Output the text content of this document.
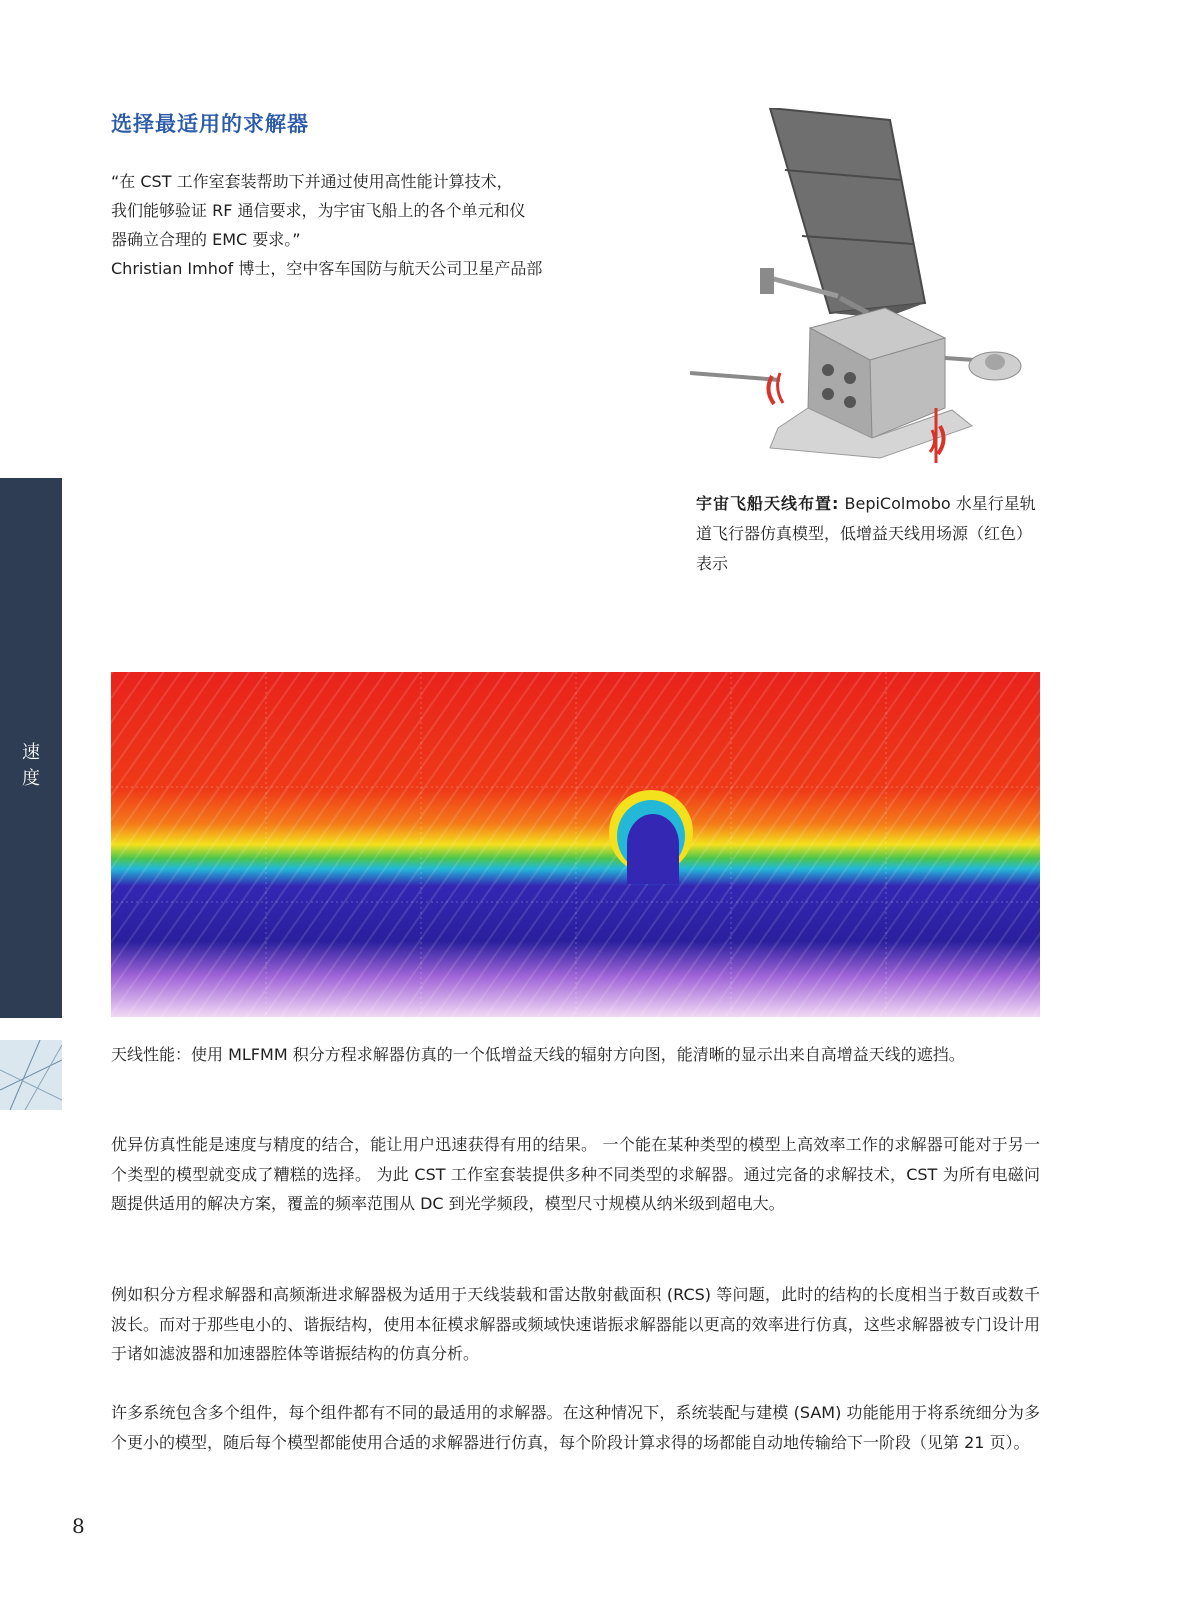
选择最适用的求解器

“在 CST 工作室套装帮助下并通过使用高性能计算技术，

我们能够验证 RF 通信要求，为宇宙飞船上的各个单元和仪

器确立合理的 EMC 要求。”

Christian Imhof 博士，空中客车国防与航天公司卫星产品部

宇宙飞船天线布置: BepiColmobo 水星行星轨道飞行器仿真模型，低增益天线用场源（红色）表示
速度
天线性能：使用 MLFMM 积分方程求解器仿真的一个低增益天线的辐射方向图，能清晰的显示出来自高增益天线的遮挡。

优异仿真性能是速度与精度的结合，能让用户迅速获得有用的结果。 一个能在某种类型的模型上高效率工作的求解器可能对于另一个类型的模型就变成了糟糕的选择。 为此 CST 工作室套装提供多种不同类型的求解器。通过完备的求解技术，CST 为所有电磁问题提供适用的解决方案，覆盖的频率范围从 DC 到光学频段，模型尺寸规模从纳米级到超电大。

例如积分方程求解器和高频渐进求解器极为适用于天线装载和雷达散射截面积 (RCS) 等问题，此时的结构的长度相当于数百或数千波长。而对于那些电小的、谐振结构，使用本征模求解器或频域快速谐振求解器能以更高的效率进行仿真，这些求解器被专门设计用于诸如滤波器和加速器腔体等谐振结构的仿真分析。

许多系统包含多个组件，每个组件都有不同的最适用的求解器。在这种情况下，系统装配与建模 (SAM) 功能能用于将系统细分为多个更小的模型，随后每个模型都能使用合适的求解器进行仿真，每个阶段计算求得的场都能自动地传输给下一阶段（见第 21 页）。

8
